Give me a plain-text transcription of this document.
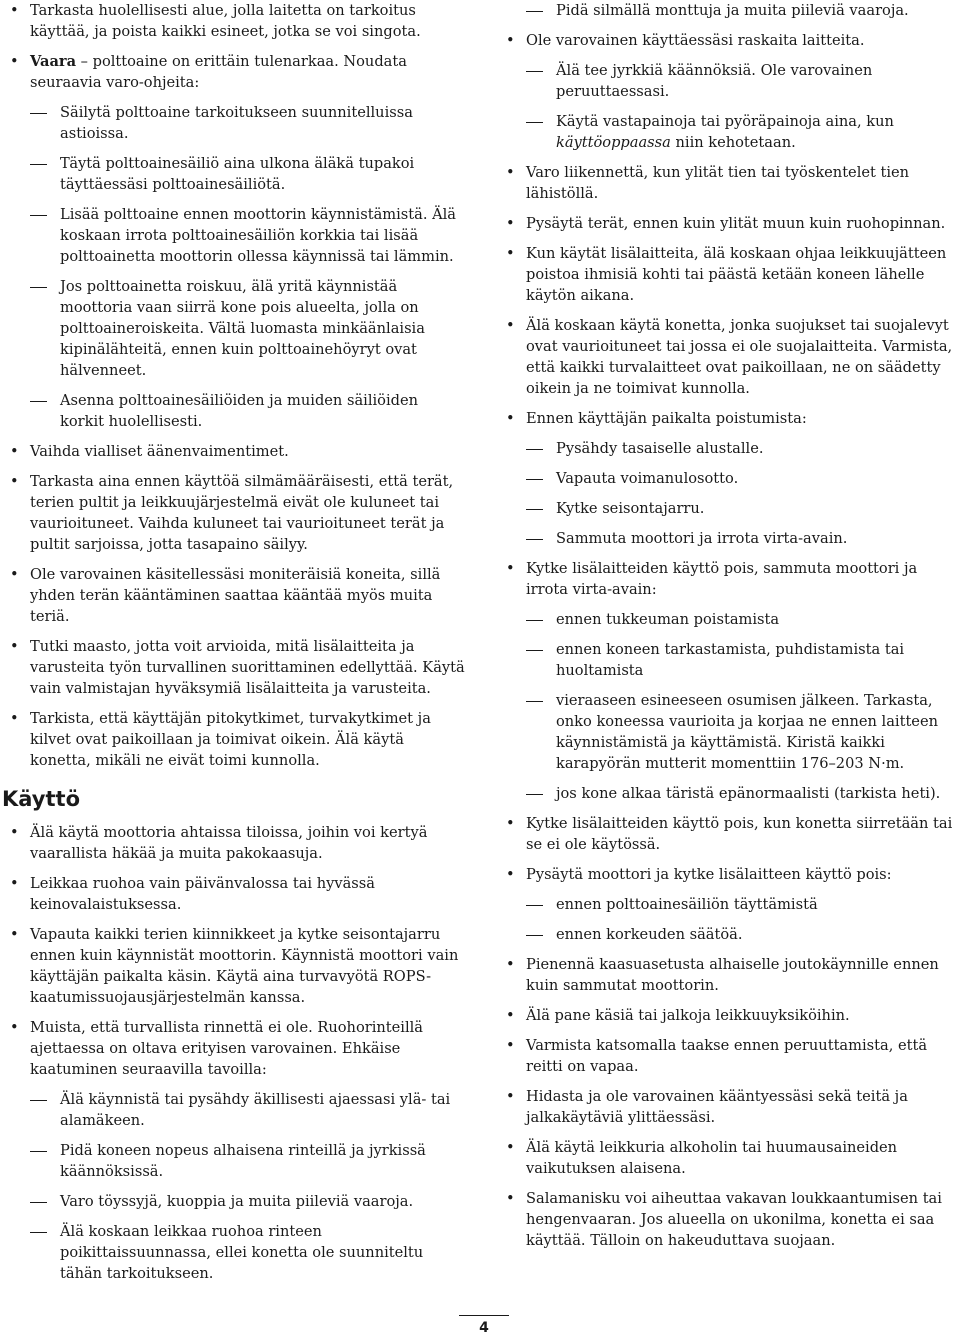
• Tarkasta huolellisesti alue, jolla laitetta on tarkoitus käyttää, ja poista kaikki esineet, jotka se voi singota.
• Vaara – polttoaine on erittäin tulenarkaa. Noudata seuraavia varo-ohjeita:
Säilytä polttoaine tarkoitukseen suunnitelluissa astioissa.
Täytä polttoainesäiliö aina ulkona äläkä tupakoi täyttäessäsi polttoainesäiliötä.
Lisää polttoaine ennen moottorin käynnistämistä. Älä koskaan irrota polttoainesäiliön korkkia tai lisää polttoainetta moottorin ollessa käynnissä tai lämmin.
Jos polttoainetta roiskuu, älä yritä käynnistää moottoria vaan siirrä kone pois alueelta, jolla on polttoaineroiskeita. Vältä luomasta minkäänlaisia kipinälähteitä, ennen kuin polttoainehöyryt ovat hälvenneet.
Asenna polttoainesäiliöiden ja muiden säiliöiden korkit huolellisesti.
• Vaihda vialliset äänenvaimentimet.
• Tarkasta aina ennen käyttöä silmämääräisesti, että terät, terien pultit ja leikkuujärjestelmä eivät ole kuluneet tai vaurioituneet. Vaihda kuluneet tai vaurioituneet terät ja pultit sarjoissa, jotta tasapaino säilyy.
• Ole varovainen käsitellessäsi moniteräisiä koneita, sillä yhden terän kääntäminen saattaa kääntää myös muita teriä.
• Tutki maasto, jotta voit arvioida, mitä lisälaitteita ja varusteita työn turvallinen suorittaminen edellyttää. Käytä vain valmistajan hyväksymiä lisälaitteita ja varusteita.
• Tarkista, että käyttäjän pitokytkimet, turvakytkimet ja kilvet ovat paikoillaan ja toimivat oikein. Älä käytä konetta, mikäli ne eivät toimi kunnolla.
Käyttö
• Älä käytä moottoria ahtaissa tiloissa, joihin voi kertyä vaarallista häkää ja muita pakokaasuja.
• Leikkaa ruohoa vain päivänvalossa tai hyvässä keinovalaistuksessa.
• Vapauta kaikki terien kiinnikkeet ja kytke seisontajarru ennen kuin käynnistät moottorin. Käynnistä moottori vain käyttäjän paikalta käsin. Käytä aina turvavyötä ROPS-kaatumissuojausjärjestelmän kanssa.
• Muista, että turvallista rinnettä ei ole. Ruohorinteillä ajettaessa on oltava erityisen varovainen. Ehkäise kaatuminen seuraavilla tavoilla:
Älä käynnistä tai pysähdy äkillisesti ajaessasi ylä- tai alamäkeen.
Pidä koneen nopeus alhaisena rinteillä ja jyrkissä käännöksissä.
Varo töyssyjä, kuoppia ja muita piileviä vaaroja.
Älä koskaan leikkaa ruohoa rinteen poikittaissuunnassa, ellei konetta ole suunniteltu tähän tarkoitukseen.
Pidä silmällä monttuja ja muita piileviä vaaroja.
• Ole varovainen käyttäessäsi raskaita laitteita.
Älä tee jyrkkiä käännöksiä. Ole varovainen peruuttaessasi.
Käytä vastapainoja tai pyöräpainoja aina, kun käyttöoppaassa niin kehotetaan.
• Varo liikennettä, kun ylität tien tai työskentelet tien lähistöllä.
• Pysäytä terät, ennen kuin ylität muun kuin ruohopinnan.
• Kun käytät lisälaitteita, älä koskaan ohjaa leikkuujätteen poistoa ihmisiä kohti tai päästä ketään koneen lähelle käytön aikana.
• Älä koskaan käytä konetta, jonka suojukset tai suojalevyt ovat vaurioituneet tai jossa ei ole suojalaitteita. Varmista, että kaikki turvalaitteet ovat paikoillaan, ne on säädetty oikein ja ne toimivat kunnolla.
• Ennen käyttäjän paikalta poistumista:
Pysähdy tasaiselle alustalle.
Vapauta voimanulosotto.
Kytke seisontajarru.
Sammuta moottori ja irrota virta-avain.
• Kytke lisälaitteiden käyttö pois, sammuta moottori ja irrota virta-avain:
ennen tukkeuman poistamista
ennen koneen tarkastamista, puhdistamista tai huoltamista
vieraaseen esineeseen osumisen jälkeen. Tarkasta, onko koneessa vaurioita ja korjaa ne ennen laitteen käynnistämistä ja käyttämistä. Kiristä kaikki karapyörän mutterit momenttiin 176–203 N·m.
jos kone alkaa täristä epänormaalisti (tarkista heti).
• Kytke lisälaitteiden käyttö pois, kun konetta siirretään tai se ei ole käytössä.
• Pysäytä moottori ja kytke lisälaitteen käyttö pois:
ennen polttoainesäiliön täyttämistä
ennen korkeuden säätöä.
• Pienennä kaasuasetusta alhaiselle joutokäynnille ennen kuin sammutat moottorin.
• Älä pane käsiä tai jalkoja leikkuuyksiköihin.
• Varmista katsomalla taakse ennen peruuttamista, että reitti on vapaa.
• Hidasta ja ole varovainen kääntyessäsi sekä teitä ja jalkakäytäviä ylittäessäsi.
• Älä käytä leikkuria alkoholin tai huumausaineiden vaikutuksen alaisena.
• Salamanisku voi aiheuttaa vakavan loukkaantumisen tai hengenvaaran. Jos alueella on ukonilma, konetta ei saa käyttää. Tälloin on hakeuduttava suojaan.
4
